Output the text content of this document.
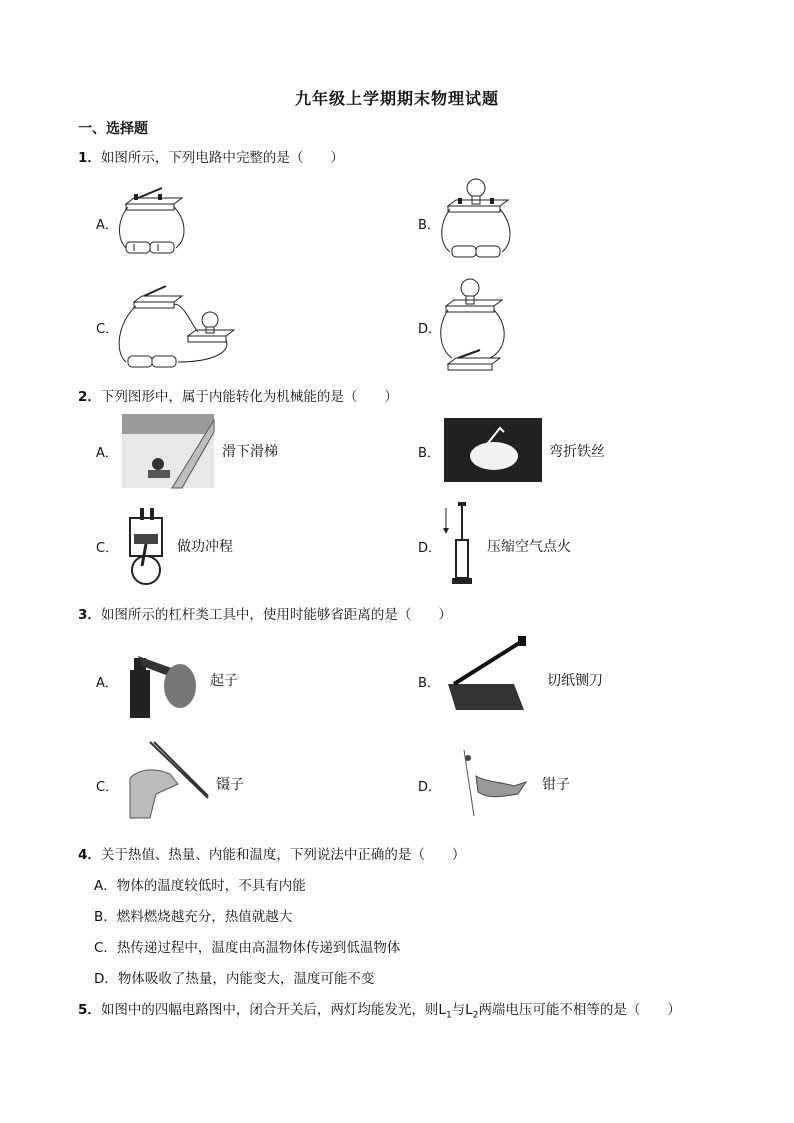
九年级上学期期末物理试题
一、选择题
1．如图所示，下列电路中完整的是（　　）
A．	B．
C．	D．
2．下列图形中，属于内能转化为机械能的是（　　）
A．	B．
C．	D．
滑下滑梯	弯折铁丝
做功冲程	压缩空气点火
3．如图所示的杠杆类工具中，使用时能够省距离的是（　　）
A．	B．
C．	D．
起子	切纸铡刀
镊子	钳子
4．关于热值、热量、内能和温度，下列说法中正确的是（　　）
A．物体的温度较低时，不具有内能
B．燃料燃烧越充分，热值就越大
C．热传递过程中，温度由高温物体传递到低温物体
D．物体吸收了热量，内能变大，温度可能不变
5．如图中的四幅电路图中，闭合开关后，两灯均能发光，则$L_1$与$L_2$两端电压可能不相等的是（　　）
